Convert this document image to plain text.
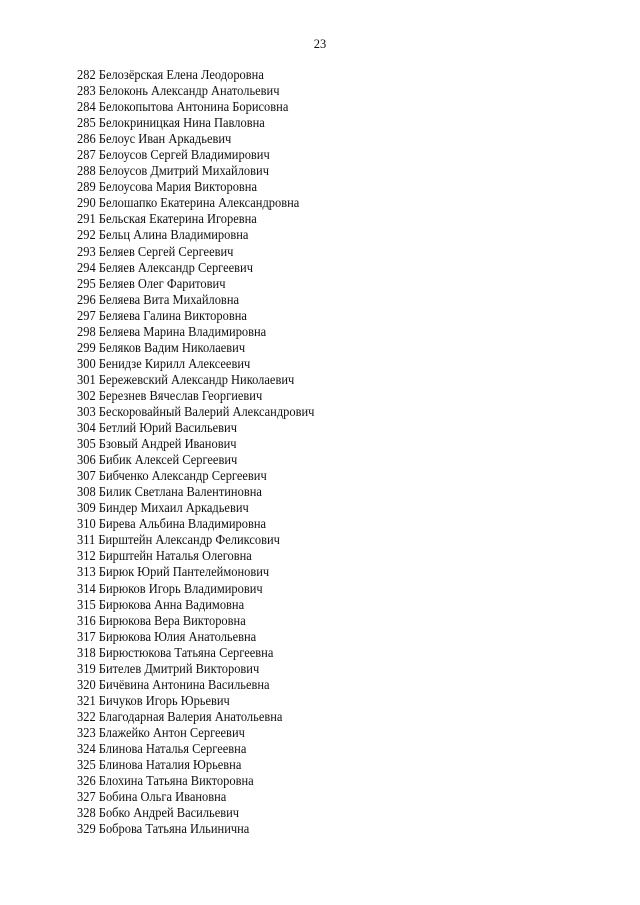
23
282 Белозёрская Елена Леодоровна
283 Белоконь Александр Анатольевич
284 Белокопытова Антонина Борисовна
285 Белокриницкая Нина Павловна
286 Белоус Иван Аркадьевич
287 Белоусов Сергей Владимирович
288 Белоусов Дмитрий Михайлович
289 Белоусова Мария Викторовна
290 Белошапко Екатерина Александровна
291 Бельская Екатерина Игоревна
292 Бельц Алина Владимировна
293 Беляев Сергей Сергеевич
294 Беляев Александр Сергеевич
295 Беляев Олег Фаритович
296 Беляева Вита Михайловна
297 Беляева Галина Викторовна
298 Беляева Марина Владимировна
299 Беляков Вадим Николаевич
300 Бенидзе Кирилл Алексеевич
301 Бережевский Александр Николаевич
302 Березнев Вячеслав Георгиевич
303 Бескоровайный Валерий Александрович
304 Бетлий Юрий Васильевич
305 Бзовый Андрей Иванович
306 Бибик Алексей Сергеевич
307 Бибченко Александр Сергеевич
308 Билик Светлана Валентиновна
309 Биндер Михаил Аркадьевич
310 Бирева Альбина Владимировна
311 Бирштейн Александр Феликсович
312 Бирштейн Наталья Олеговна
313 Бирюк Юрий Пантелеймонович
314 Бирюков Игорь Владимирович
315 Бирюкова Анна Вадимовна
316 Бирюкова Вера Викторовна
317 Бирюкова Юлия Анатольевна
318 Бирюстюкова Татьяна Сергеевна
319 Бителев Дмитрий Викторович
320 Бичёвина Антонина Васильевна
321 Бичуков Игорь Юрьевич
322 Благодарная Валерия Анатольевна
323 Блажейко Антон Сергеевич
324 Блинова Наталья Сергеевна
325 Блинова Наталия Юрьевна
326 Блохина Татьяна Викторовна
327 Бобина Ольга Ивановна
328 Бобко Андрей Васильевич
329 Боброва Татьяна Ильинична
